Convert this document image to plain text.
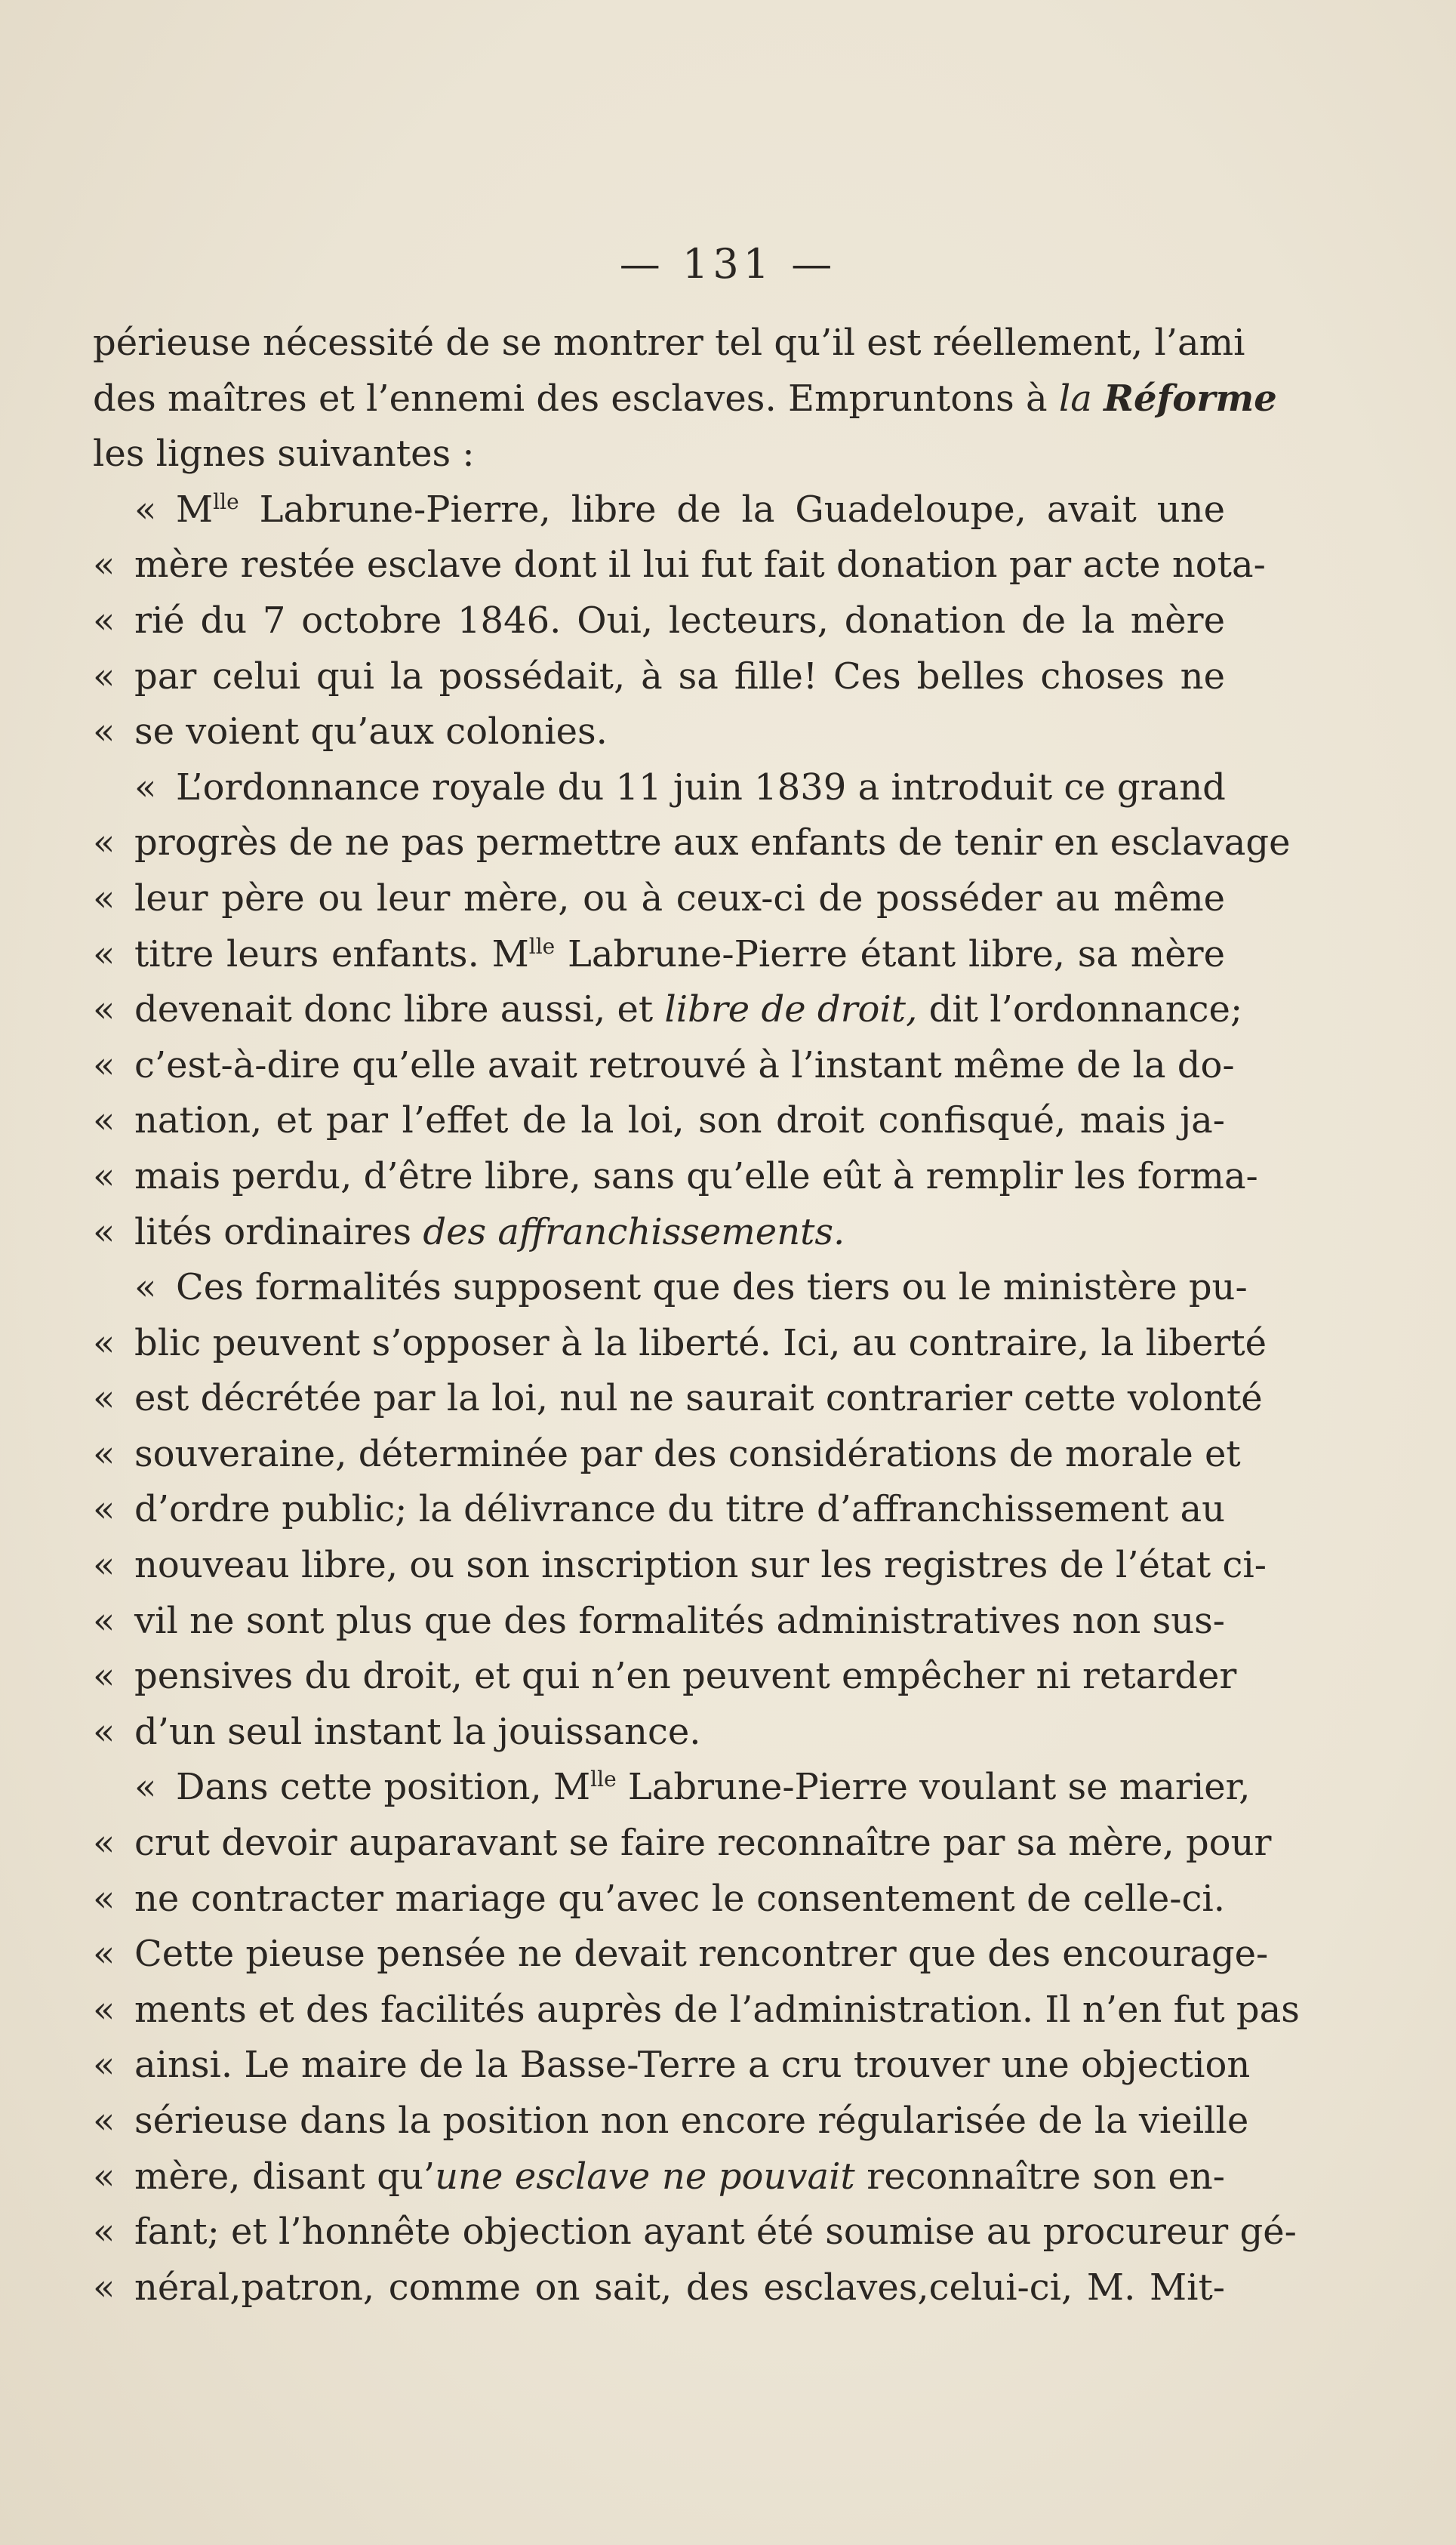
— 131 —
périeuse nécessité de se montrer tel qu’il est réellement, l’ami
des maîtres et l’ennemi des esclaves. Empruntons à la Réforme
les lignes suivantes :
« $M^{lle}$ Labrune-Pierre, libre de la Guadeloupe, avait une
« mère restée esclave dont il lui fut fait donation par acte nota-
« rié du 7 octobre 1846. Oui, lecteurs, donation de la mère
« par celui qui la possédait, à sa fille! Ces belles choses ne
« se voient qu’aux colonies.
« L’ordonnance royale du 11 juin 1839 a introduit ce grand
« progrès de ne pas permettre aux enfants de tenir en esclavage
« leur père ou leur mère, ou à ceux-ci de posséder au même
« titre leurs enfants. $M^{lle}$ Labrune-Pierre étant libre, sa mère
« devenait donc libre aussi, et libre de droit, dit l’ordonnance;
« c’est-à-dire qu’elle avait retrouvé à l’instant même de la do-
« nation, et par l’effet de la loi, son droit confisqué, mais ja-
« mais perdu, d’être libre, sans qu’elle eût à remplir les forma-
« lités ordinaires des affranchissements.
« Ces formalités supposent que des tiers ou le ministère pu-
« blic peuvent s’opposer à la liberté. Ici, au contraire, la liberté
« est décrétée par la loi, nul ne saurait contrarier cette volonté
« souveraine, déterminée par des considérations de morale et
« d’ordre public; la délivrance du titre d’affranchissement au
« nouveau libre, ou son inscription sur les registres de l’état ci-
« vil ne sont plus que des formalités administratives non sus-
« pensives du droit, et qui n’en peuvent empêcher ni retarder
« d’un seul instant la jouissance.
« Dans cette position, $M^{lle}$ Labrune-Pierre voulant se marier,
« crut devoir auparavant se faire reconnaître par sa mère, pour
« ne contracter mariage qu’avec le consentement de celle-ci.
« Cette pieuse pensée ne devait rencontrer que des encourage-
« ments et des facilités auprès de l’administration. Il n’en fut pas
« ainsi. Le maire de la Basse-Terre a cru trouver une objection
« sérieuse dans la position non encore régularisée de la vieille
« mère, disant qu’une esclave ne pouvait reconnaître son en-
« fant; et l’honnête objection ayant été soumise au procureur gé-
« néral,patron, comme on sait, des esclaves,celui-ci, M. Mit-
